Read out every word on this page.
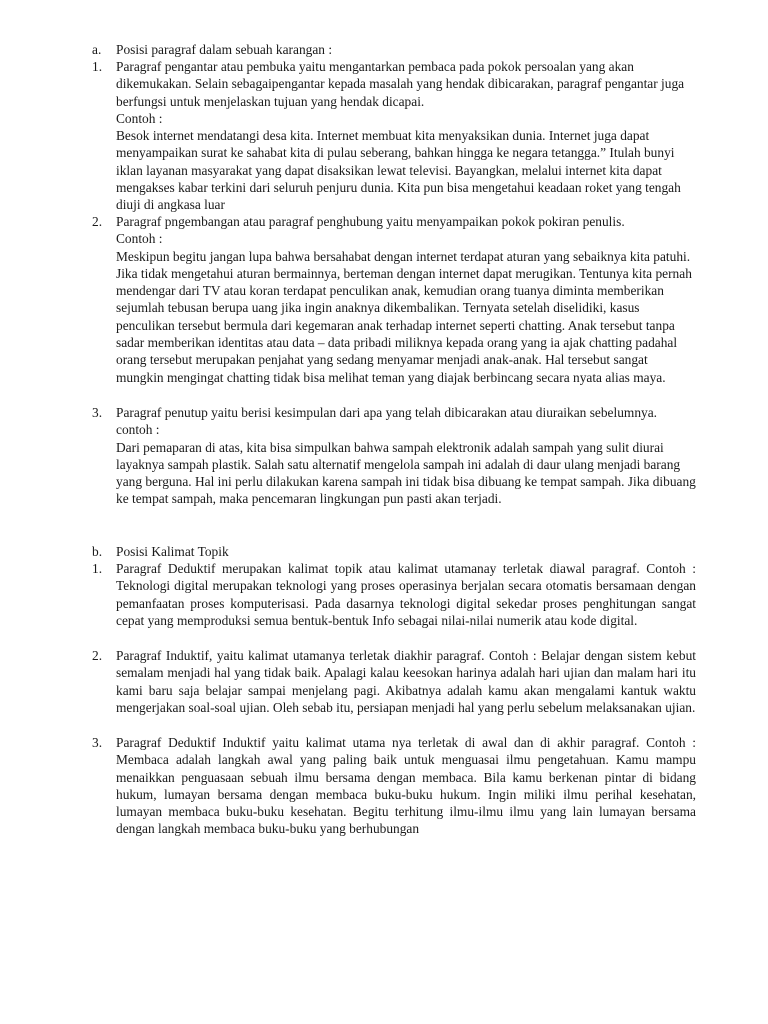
a.	Posisi paragraf dalam sebuah karangan :

1.	Paragraf pengantar atau pembuka yaitu mengantarkan pembaca pada pokok persoalan yang akan dikemukakan. Selain sebagaipengantar kepada masalah yang hendak dibicarakan, paragraf pengantar juga berfungsi untuk menjelaskan tujuan yang hendak dicapai.

Contoh :

Besok internet mendatangi desa kita. Internet membuat kita menyaksikan dunia. Internet juga dapat menyampaikan surat ke sahabat kita di pulau seberang, bahkan hingga ke negara tetangga.” Itulah bunyi iklan layanan masyarakat yang dapat disaksikan lewat televisi. Bayangkan, melalui internet kita dapat mengakses kabar terkini dari seluruh penjuru dunia. Kita pun bisa mengetahui keadaan roket yang tengah diuji di angkasa luar

2.	Paragraf pngembangan atau paragraf penghubung yaitu menyampaikan pokok pokiran penulis.

Contoh :

Meskipun begitu jangan lupa bahwa bersahabat dengan internet terdapat aturan yang sebaiknya kita patuhi. Jika tidak mengetahui aturan bermainnya, berteman dengan internet dapat merugikan. Tentunya kita pernah mendengar dari TV atau koran terdapat penculikan anak, kemudian orang tuanya diminta memberikan sejumlah tebusan berupa uang jika ingin anaknya dikembalikan. Ternyata setelah diselidiki, kasus penculikan tersebut bermula dari kegemaran anak terhadap internet seperti chatting. Anak tersebut tanpa sadar memberikan identitas atau data – data pribadi miliknya kepada orang yang ia ajak chatting padahal orang tersebut merupakan penjahat yang sedang menyamar menjadi anak-anak. Hal tersebut sangat mungkin mengingat chatting tidak bisa melihat teman yang diajak berbincang secara nyata alias maya.

3.	Paragraf penutup yaitu berisi kesimpulan dari apa yang telah dibicarakan atau diuraikan sebelumnya.

contoh :

Dari pemaparan di atas, kita bisa simpulkan bahwa sampah elektronik adalah sampah yang sulit diurai layaknya sampah plastik. Salah satu alternatif mengelola sampah ini adalah di daur ulang menjadi barang yang berguna. Hal ini perlu dilakukan karena sampah ini tidak bisa dibuang ke tempat sampah. Jika dibuang ke tempat sampah, maka pencemaran lingkungan pun pasti akan terjadi.

b.	Posisi Kalimat Topik

1.	Paragraf Deduktif merupakan kalimat topik atau kalimat utamanay terletak diawal paragraf. Contoh : Teknologi digital merupakan teknologi yang proses operasinya berjalan secara otomatis bersamaan dengan pemanfaatan proses komputerisasi. Pada dasarnya teknologi digital sekedar proses penghitungan sangat cepat yang memproduksi semua bentuk-bentuk Info sebagai nilai-nilai numerik atau kode digital.

2.	Paragraf Induktif, yaitu kalimat utamanya terletak diakhir paragraf. Contoh : Belajar dengan sistem kebut semalam menjadi hal yang tidak baik. Apalagi kalau keesokan harinya adalah hari ujian dan malam hari itu kami baru saja belajar sampai menjelang pagi. Akibatnya adalah kamu akan mengalami kantuk waktu mengerjakan soal-soal ujian. Oleh sebab itu, persiapan menjadi hal yang perlu sebelum melaksanakan ujian.

3.	Paragraf Deduktif Induktif yaitu kalimat utama nya terletak di awal dan di akhir paragraf. Contoh : Membaca adalah langkah awal yang paling baik untuk menguasai ilmu pengetahuan. Kamu mampu menaikkan penguasaan sebuah ilmu bersama dengan membaca. Bila kamu berkenan pintar di bidang hukum, lumayan bersama dengan membaca buku-buku hukum. Ingin miliki ilmu perihal kesehatan, lumayan membaca buku-buku kesehatan. Begitu terhitung ilmu-ilmu ilmu yang lain lumayan bersama dengan langkah membaca buku-buku yang berhubungan
